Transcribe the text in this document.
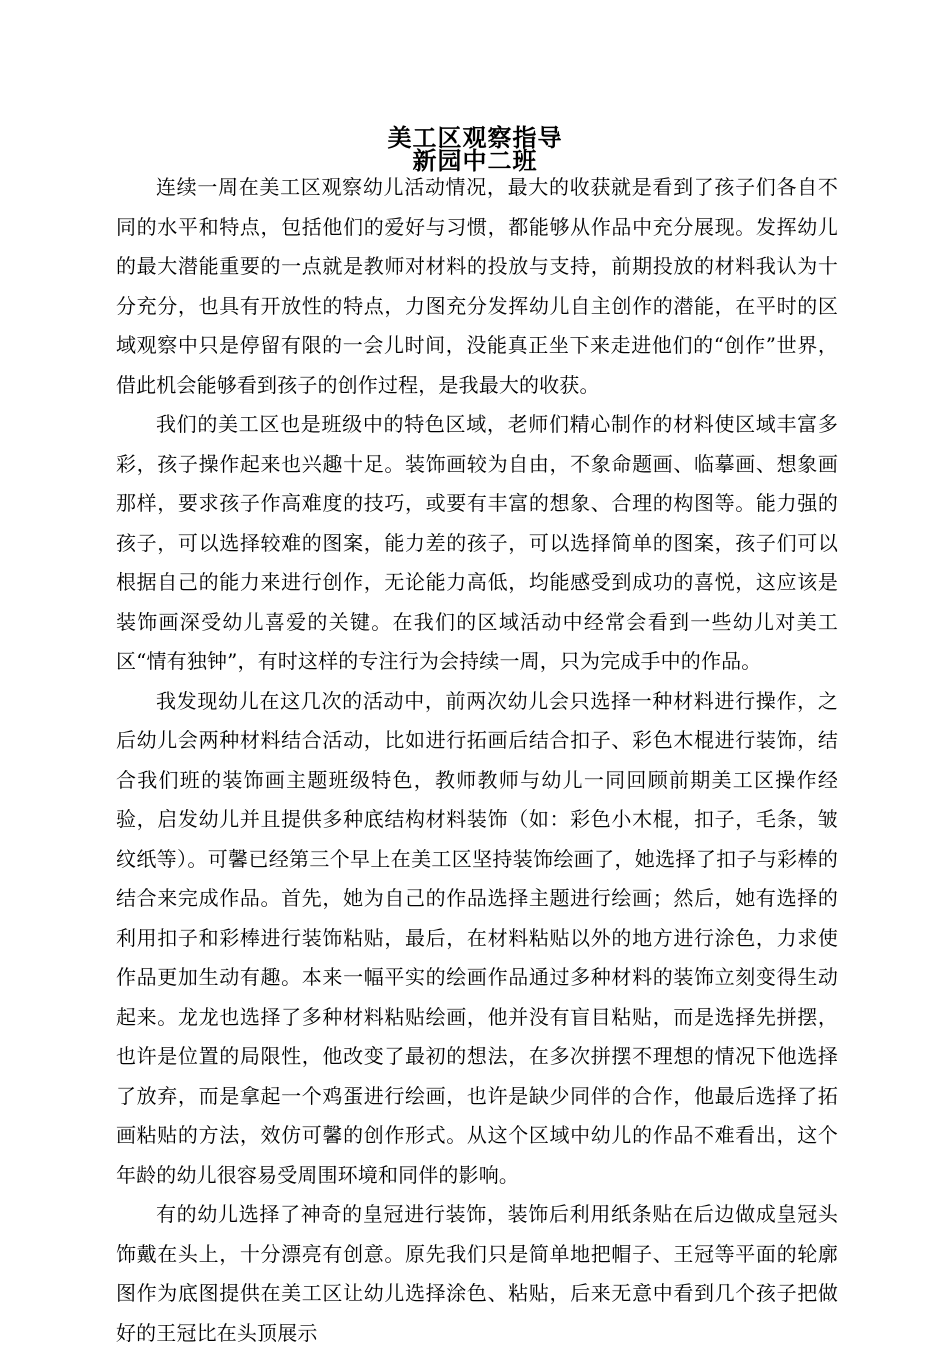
美工区观察指导
新园中二班

连续一周在美工区观察幼儿活动情况，最大的收获就是看到了孩子们各自不同的水平和特点，包括他们的爱好与习惯，都能够从作品中充分展现。发挥幼儿的最大潜能重要的一点就是教师对材料的投放与支持，前期投放的材料我认为十分充分，也具有开放性的特点，力图充分发挥幼儿自主创作的潜能，在平时的区域观察中只是停留有限的一会儿时间，没能真正坐下来走进他们的“创作”世界，借此机会能够看到孩子的创作过程，是我最大的收获。

我们的美工区也是班级中的特色区域，老师们精心制作的材料使区域丰富多彩，孩子操作起来也兴趣十足。装饰画较为自由，不象命题画、临摹画、想象画那样，要求孩子作高难度的技巧，或要有丰富的想象、合理的构图等。能力强的孩子，可以选择较难的图案，能力差的孩子，可以选择简单的图案，孩子们可以根据自己的能力来进行创作，无论能力高低，均能感受到成功的喜悦，这应该是装饰画深受幼儿喜爱的关键。在我们的区域活动中经常会看到一些幼儿对美工区“情有独钟”，有时这样的专注行为会持续一周，只为完成手中的作品。

我发现幼儿在这几次的活动中，前两次幼儿会只选择一种材料进行操作，之后幼儿会两种材料结合活动，比如进行拓画后结合扣子、彩色木棍进行装饰，结合我们班的装饰画主题班级特色，教师教师与幼儿一同回顾前期美工区操作经验，启发幼儿并且提供多种底结构材料装饰（如：彩色小木棍，扣子，毛条，皱纹纸等）。可馨已经第三个早上在美工区坚持装饰绘画了，她选择了扣子与彩棒的结合来完成作品。首先，她为自己的作品选择主题进行绘画；然后，她有选择的利用扣子和彩棒进行装饰粘贴，最后，在材料粘贴以外的地方进行涂色，力求使作品更加生动有趣。本来一幅平实的绘画作品通过多种材料的装饰立刻变得生动起来。龙龙也选择了多种材料粘贴绘画，他并没有盲目粘贴，而是选择先拼摆，也许是位置的局限性，他改变了最初的想法，在多次拼摆不理想的情况下他选择了放弃，而是拿起一个鸡蛋进行绘画，也许是缺少同伴的合作，他最后选择了拓画粘贴的方法，效仿可馨的创作形式。从这个区域中幼儿的作品不难看出，这个年龄的幼儿很容易受周围环境和同伴的影响。

有的幼儿选择了神奇的皇冠进行装饰，装饰后利用纸条贴在后边做成皇冠头饰戴在头上，十分漂亮有创意。原先我们只是简单地把帽子、王冠等平面的轮廓图作为底图提供在美工区让幼儿选择涂色、粘贴，后来无意中看到几个孩子把做好的王冠比在头顶展示
